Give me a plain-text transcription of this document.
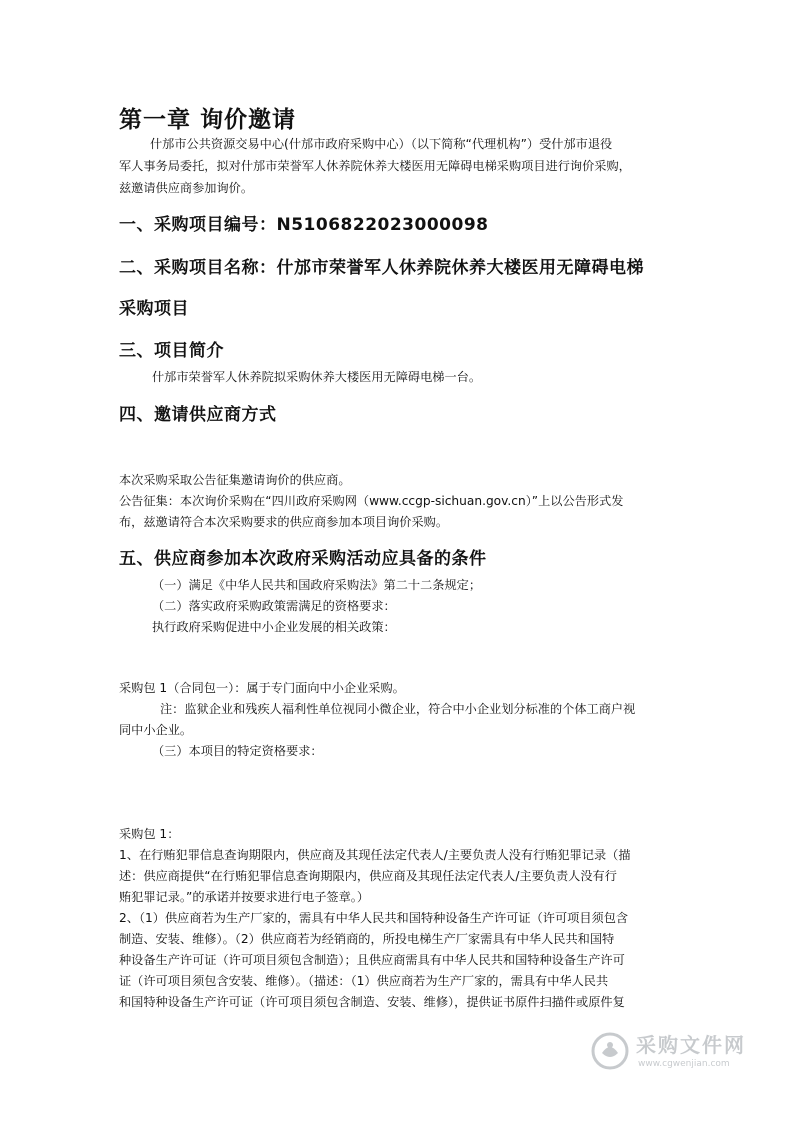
第一章 询价邀请
什邡市公共资源交易中心(什邡市政府采购中心）（以下简称“代理机构”）受什邡市退役
军人事务局委托，拟对什邡市荣誉军人休养院休养大楼医用无障碍电梯采购项目进行询价采购，
兹邀请供应商参加询价。
一、采购项目编号：N5106822023000098
二、采购项目名称：什邡市荣誉军人休养院休养大楼医用无障碍电梯
采购项目
三、项目简介
什邡市荣誉军人休养院拟采购休养大楼医用无障碍电梯一台。
四、邀请供应商方式
本次采购采取公告征集邀请询价的供应商。
公告征集：本次询价采购在“四川政府采购网（www.ccgp-sichuan.gov.cn）”上以公告形式发
布，兹邀请符合本次采购要求的供应商参加本项目询价采购。
五、供应商参加本次政府采购活动应具备的条件
（一）满足《中华人民共和国政府采购法》第二十二条规定；
（二）落实政府采购政策需满足的资格要求：
执行政府采购促进中小企业发展的相关政策：
采购包 1（合同包一）：属于专门面向中小企业采购。
注：监狱企业和残疾人福利性单位视同小微企业，符合中小企业划分标准的个体工商户视
同中小企业。
（三）本项目的特定资格要求：
采购包 1：
1、在行贿犯罪信息查询期限内，供应商及其现任法定代表人/主要负责人没有行贿犯罪记录（描
述：供应商提供“在行贿犯罪信息查询期限内，供应商及其现任法定代表人/主要负责人没有行
贿犯罪记录。”的承诺并按要求进行电子签章。）
2、（1）供应商若为生产厂家的，需具有中华人民共和国特种设备生产许可证（许可项目须包含
制造、安装、维修）。（2）供应商若为经销商的，所投电梯生产厂家需具有中华人民共和国特
种设备生产许可证（许可项目须包含制造）；且供应商需具有中华人民共和国特种设备生产许可
证（许可项目须包含安装、维修）。（描述：（1）供应商若为生产厂家的，需具有中华人民共
和国特种设备生产许可证（许可项目须包含制造、安装、维修），提供证书原件扫描件或原件复
采购文件网
www.cgwenjian.com
